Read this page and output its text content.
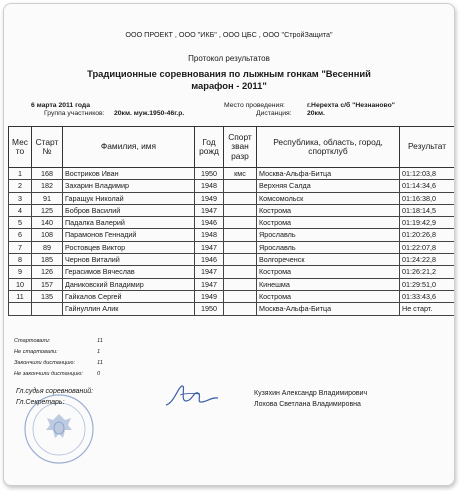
ООО ПРОЕКТ , ООО "ИКБ" , ООО ЦБС , ООО "СтройЗащита"
Протокол результатов
Традиционные соревнования по лыжным гонкам "Весенний марафон - 2011"
6 марта 2011 года
Группа участников: 20км. муж.1950-46г.р.
Место проведения:	г.Нерехта с/б "Незнаново"
Дистанция: 20км.
Мес то	Старт №	Фамилия, имя	Год рожд	Спорт зван разр	Республика, область, город, спортклуб	Результат
1	168	Востриков Иван	1950	кмс	Москва-Альфа-Битца	01:12:03,8
2	182	Захарин Владимир	1948		Верхняя Салда	01:14:34,6
3	91	Гаращук Николай	1949		Комсомольск	01:16:38,0
4	125	Бобров Василий	1947		Кострома	01:18:14,5
5	140	Падалка Валерий	1946		Кострома	01:19:42,9
6	108	Парамонов Геннадий	1948		Ярославль	01:20:26,8
7	89	Ростовцев Виктор	1947		Ярославль	01:22:07,8
8	185	Чернов Виталий	1946		Волгореченск	01:24:22,8
9	126	Герасимов Вячеслав	1947		Кострома	01:26:21,2
10	157	Даниковский Владимир	1947		Кинешма	01:29:51,0
11	135	Гайкалов Сергей	1949		Кострома	01:33:43,6
		Гайнуллин Алик	1950		Москва-Альфа-Битца	Не старт.
Стартовали:	11
Не стартовали:	1
Закончили дистанцию:	11
Не закончили дистанцию:	0
Гл.судья соревнований:
Гл.Секретарь:
Кузяхин Александр Владимирович
Лохова Светлана Владимировна
